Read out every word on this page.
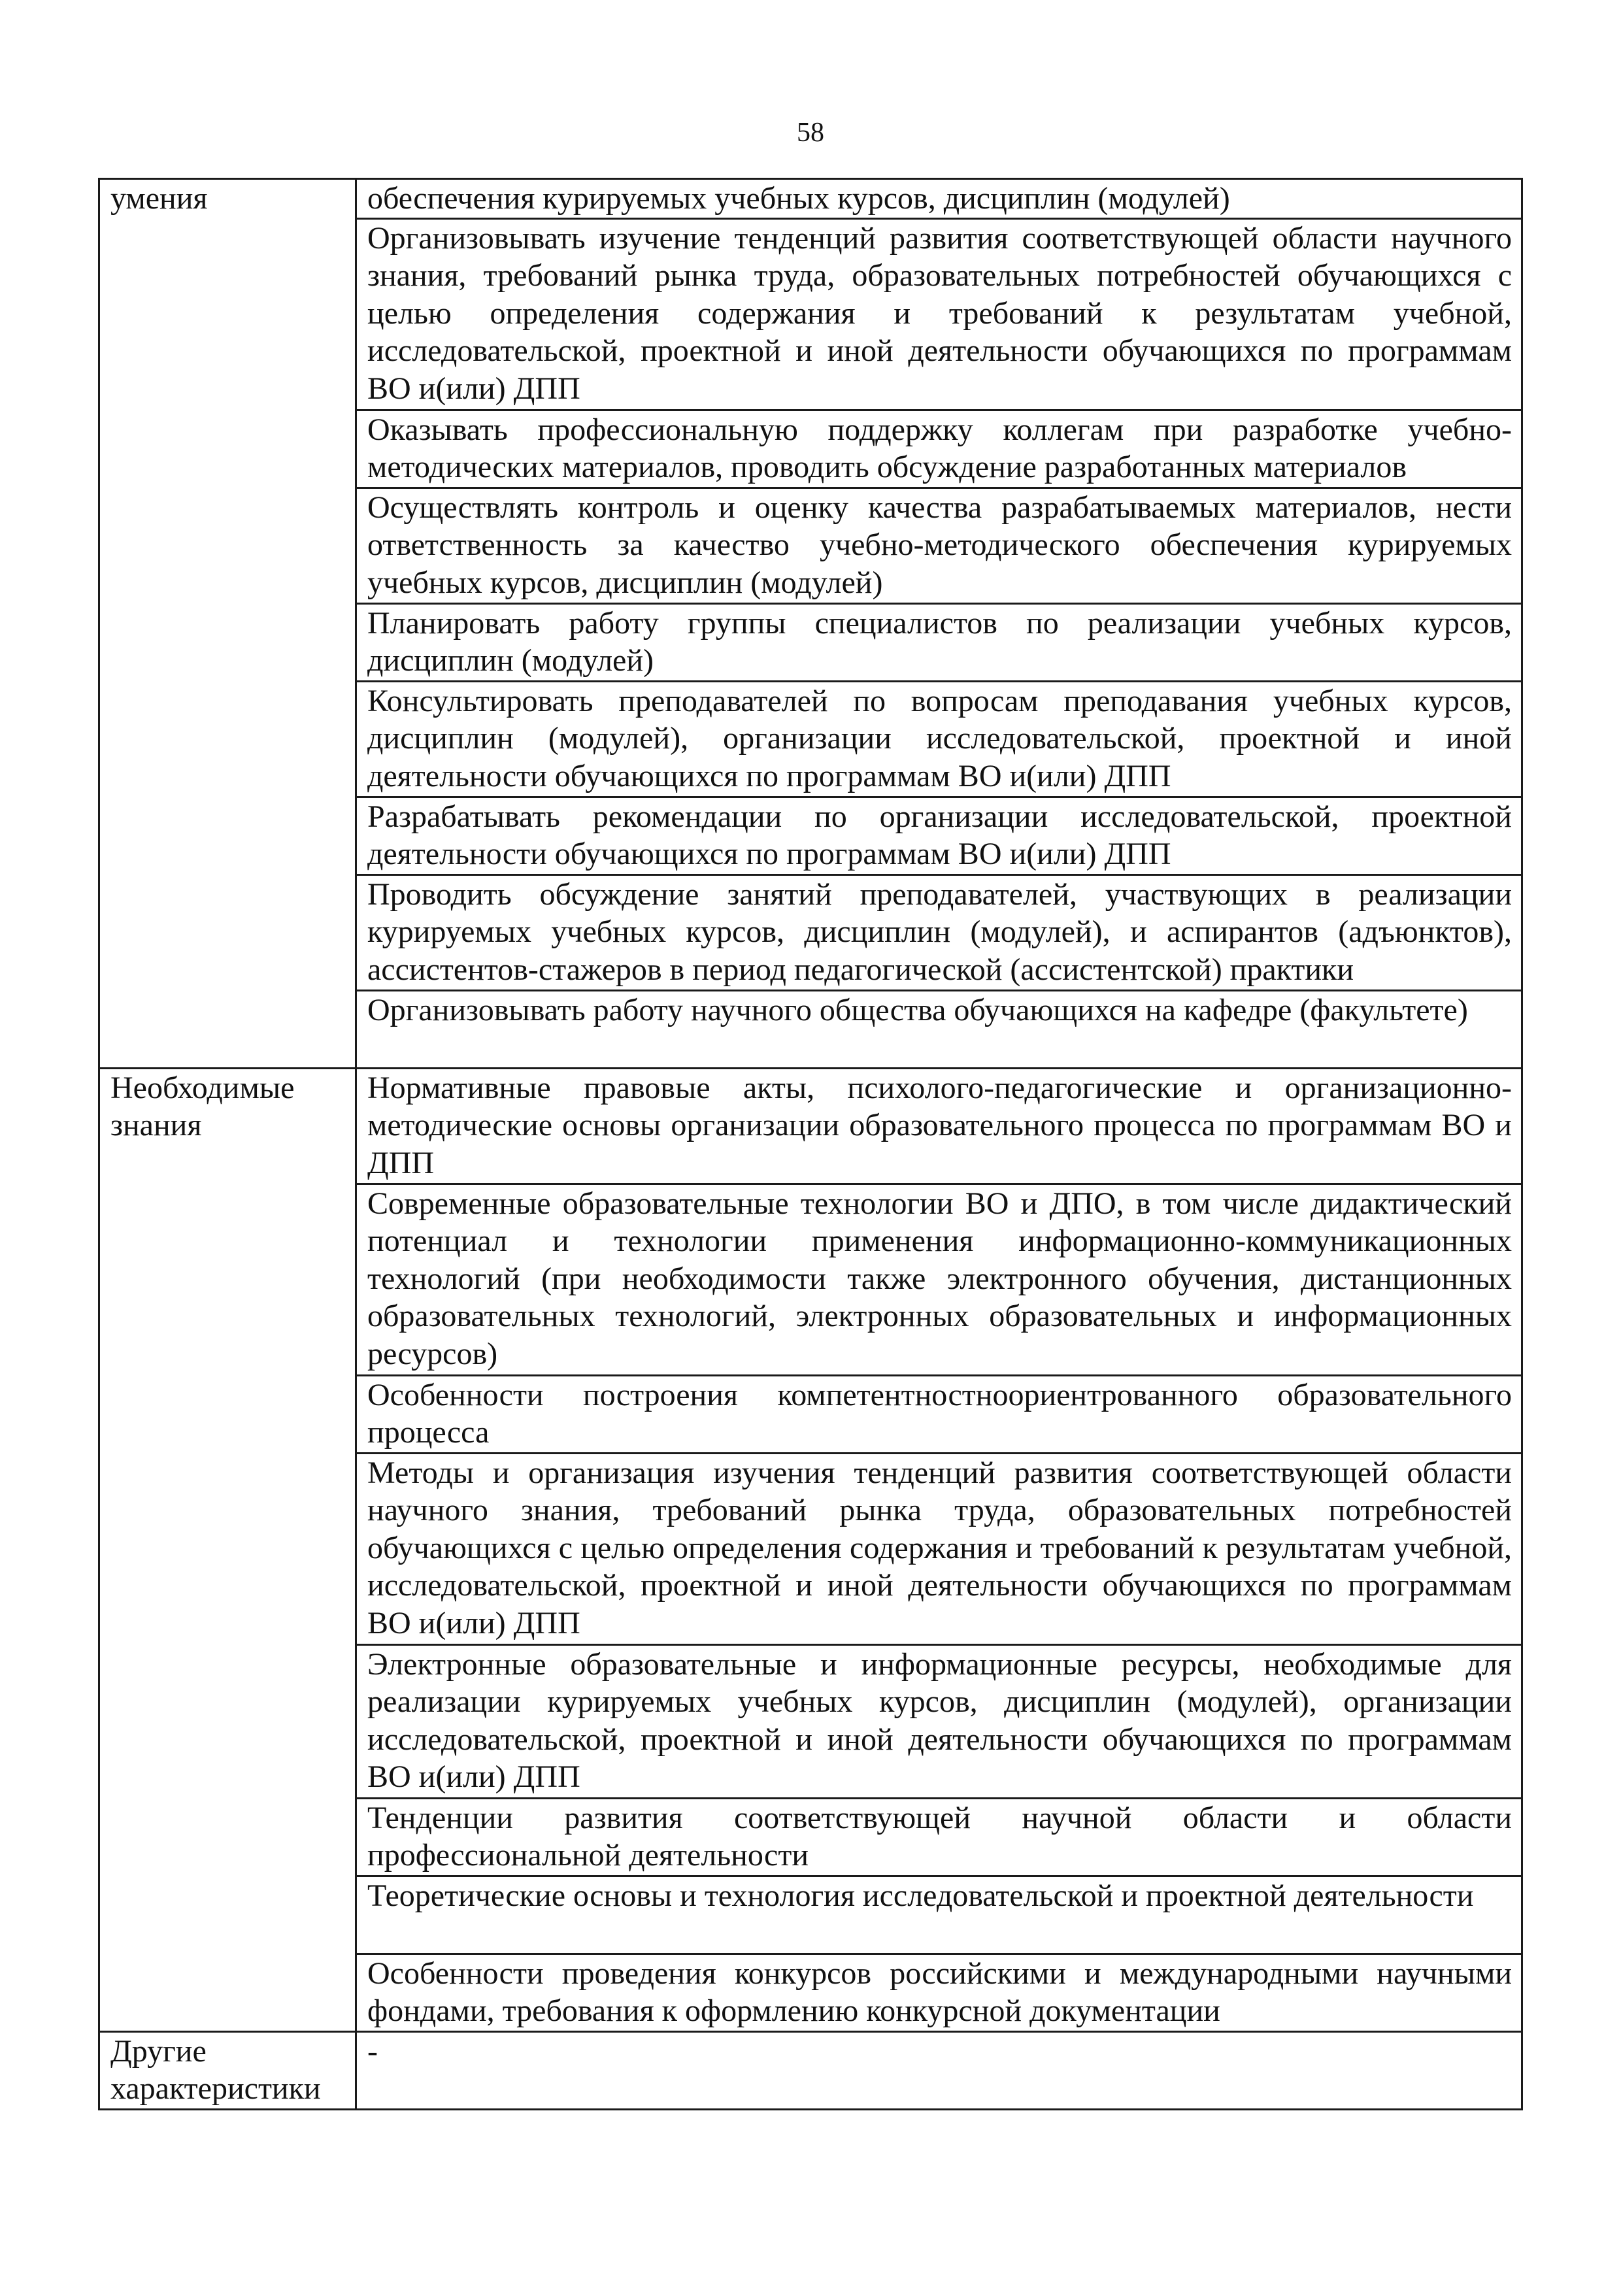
58
умения	обеспечения курируемых учебных курсов, дисциплин (модулей)
	Организовывать изучение тенденций развития соответствующей области научного знания, требований рынка труда, образовательных потребностей обучающихся с целью определения содержания и требований к результатам учебной, исследовательской, проектной и иной деятельности обучающихся по программам ВО и(или) ДПП
	Оказывать профессиональную поддержку коллегам при разработке учебно-методических материалов, проводить обсуждение разработанных материалов
	Осуществлять контроль и оценку качества разрабатываемых материалов, нести ответственность за качество учебно-методического обеспечения курируемых учебных курсов, дисциплин (модулей)
	Планировать работу группы специалистов по реализации учебных курсов, дисциплин (модулей)
	Консультировать преподавателей по вопросам преподавания учебных курсов, дисциплин (модулей), организации исследовательской, проектной и иной деятельности обучающихся по программам ВО и(или) ДПП
	Разрабатывать рекомендации по организации исследовательской, проектной деятельности обучающихся по программам ВО и(или) ДПП
	Проводить обсуждение занятий преподавателей, участвующих в реализации курируемых учебных курсов, дисциплин (модулей), и аспирантов (адъюнктов), ассистентов-стажеров в период педагогической (ассистентской) практики
	Организовывать работу научного общества обучающихся на кафедре (факультете)
Необходимые знания	Нормативные правовые акты, психолого-педагогические и организационно-методические основы организации образовательного процесса по программам ВО и ДПП
	Современные образовательные технологии ВО и ДПО, в том числе дидактический потенциал и технологии применения информационно-коммуникационных технологий (при необходимости также электронного обучения, дистанционных образовательных технологий, электронных образовательных и информационных ресурсов)
	Особенности построения компетентностноориентрованного образовательного процесса
	Методы и организация изучения тенденций развития соответствующей области научного знания, требований рынка труда, образовательных потребностей обучающихся с целью определения содержания и требований к результатам учебной, исследовательской, проектной и иной деятельности обучающихся по программам ВО и(или) ДПП
	Электронные образовательные и информационные ресурсы, необходимые для реализации курируемых учебных курсов, дисциплин (модулей), организации исследовательской, проектной и иной деятельности обучающихся по программам ВО и(или) ДПП
	Тенденции развития соответствующей научной области и области профессиональной деятельности
	Теоретические основы и технология исследовательской и проектной деятельности
	Особенности проведения конкурсов российскими и международными научными фондами, требования к оформлению конкурсной документации
Другие характеристики	-
